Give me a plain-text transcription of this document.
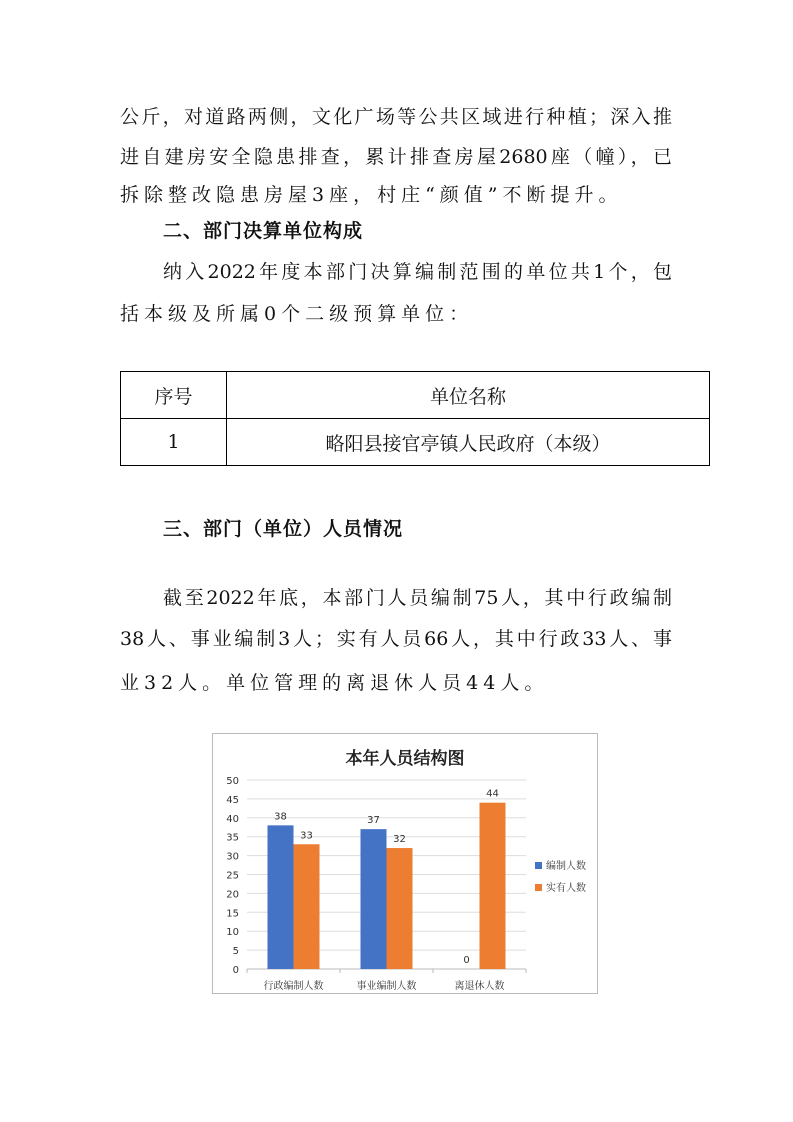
公斤，对道路两侧，文化广场等公共区域进行种植；深入推
进自建房安全隐患排查，累计排查房屋2680座（幢），已
拆除整改隐患房屋3座，村庄“颜值”不断提升。
二、部门决算单位构成
纳入2022年度本部门决算编制范围的单位共1个，包
括本级及所属0个二级预算单位：
序号	单位名称
1	略阳县接官亭镇人民政府（本级）
三、部门（单位）人员情况
截至2022年底，本部门人员编制75人，其中行政编制
38人、事业编制3人；实有人员66人，其中行政33人、事
业32人。单位管理的离退休人员44人。
本年人员结构图
0
5
10
15
20
25
30
35
40
45
50
行政编制人数
38
33
事业编制人数
37
32
离退休人数
0
44
编制人数
实有人数
